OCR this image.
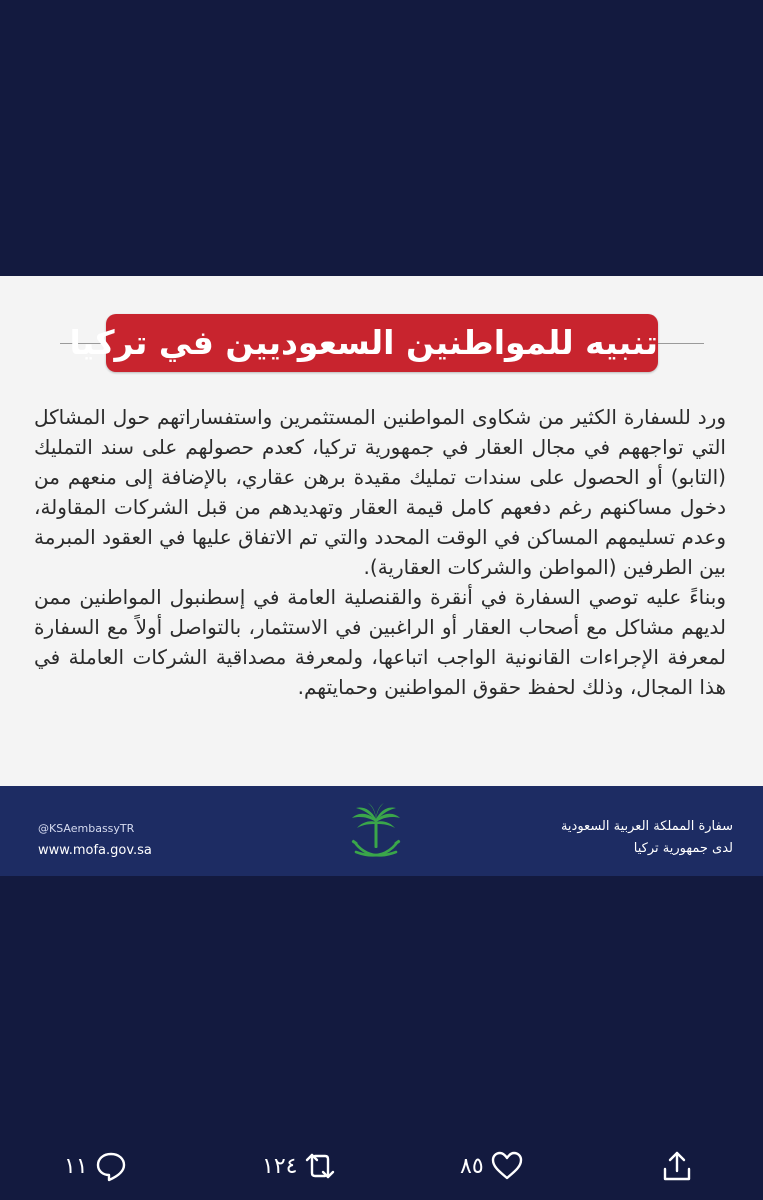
تنبيه للمواطنين السعوديين في تركيا

ورد للسفارة الكثير من شكاوى المواطنين المستثمرين واستفساراتهم حول المشاكل التي تواجههم في مجال العقار في جمهورية تركيا، كعدم حصولهم على سند التمليك (التابو) أو الحصول على سندات تمليك مقيدة برهن عقاري، بالإضافة إلى منعهم من دخول مساكنهم رغم دفعهم كامل قيمة العقار وتهديدهم من قبل الشركات المقاولة، وعدم تسليمهم المساكن في الوقت المحدد والتي تم الاتفاق عليها في العقود المبرمة بين الطرفين (المواطن والشركات العقارية).

وبناءً عليه توصي السفارة في أنقرة والقنصلية العامة في إسطنبول المواطنين ممن لديهم مشاكل مع أصحاب العقار أو الراغبين في الاستثمار، بالتواصل أولاً مع السفارة لمعرفة الإجراءات القانونية الواجب اتباعها، ولمعرفة مصداقية الشركات العاملة في هذا المجال، وذلك لحفظ حقوق المواطنين وحمايتهم.

@KSAembassyTR
www.mofa.gov.sa
سفارة المملكة العربية السعودية
لدى جمهورية تركيا
١١	١٢٤	٨٥
